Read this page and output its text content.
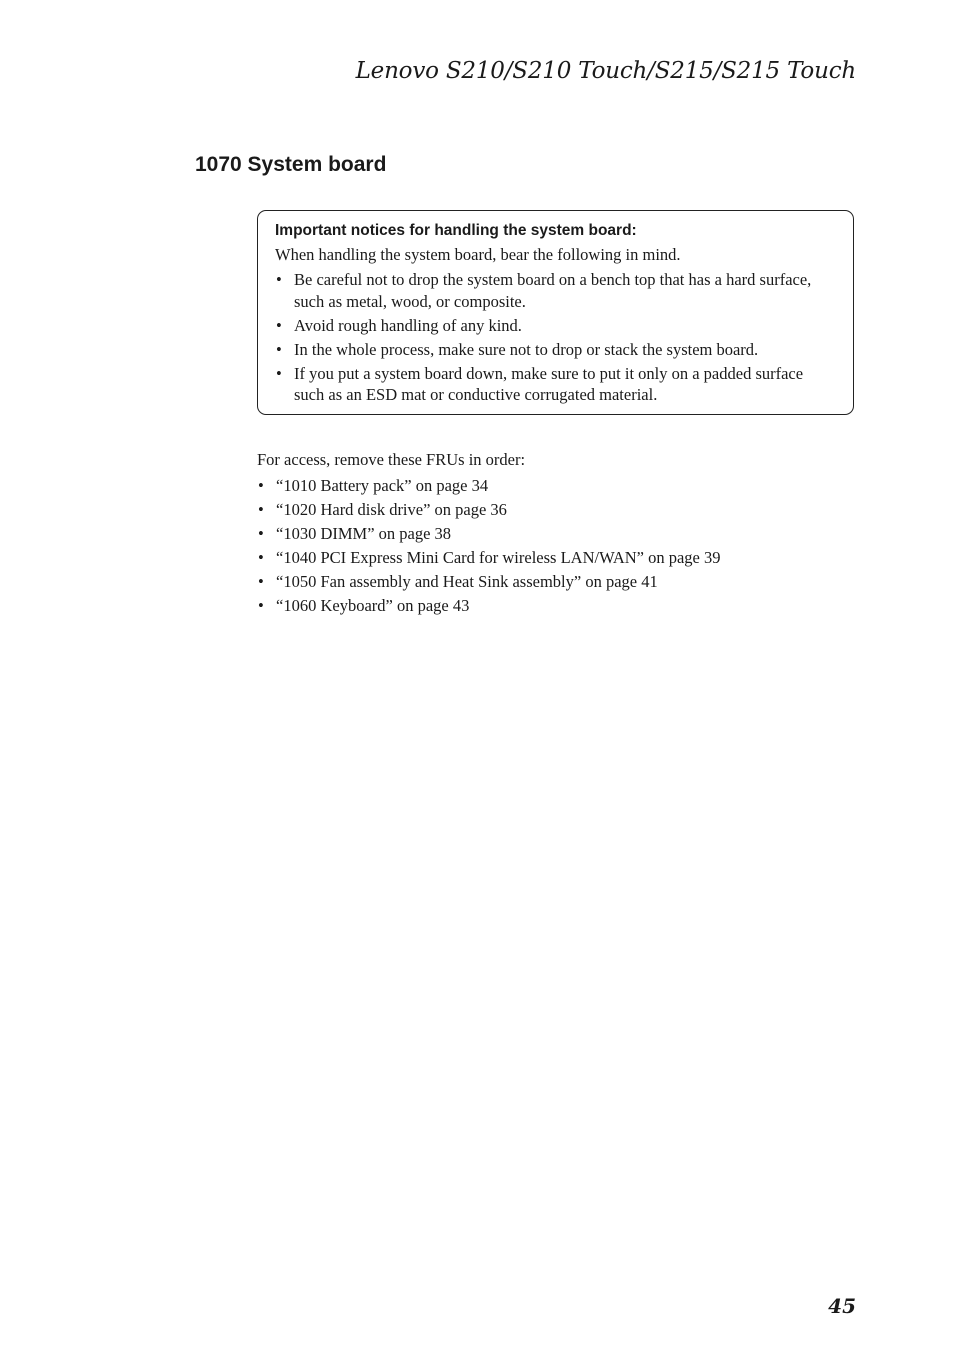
Lenovo S210/S210 Touch/S215/S215 Touch
1070 System board
Important notices for handling the system board:
When handling the system board, bear the following in mind.
• Be careful not to drop the system board on a bench top that has a hard surface, such as metal, wood, or composite.
• Avoid rough handling of any kind.
• In the whole process, make sure not to drop or stack the system board.
• If you put a system board down, make sure to put it only on a padded surface such as an ESD mat or conductive corrugated material.
For access, remove these FRUs in order:
• “1010 Battery pack” on page 34
• “1020 Hard disk drive” on page 36
• “1030 DIMM” on page 38
• “1040 PCI Express Mini Card for wireless LAN/WAN” on page 39
• “1050 Fan assembly and Heat Sink assembly” on page 41
• “1060 Keyboard” on page 43
45
